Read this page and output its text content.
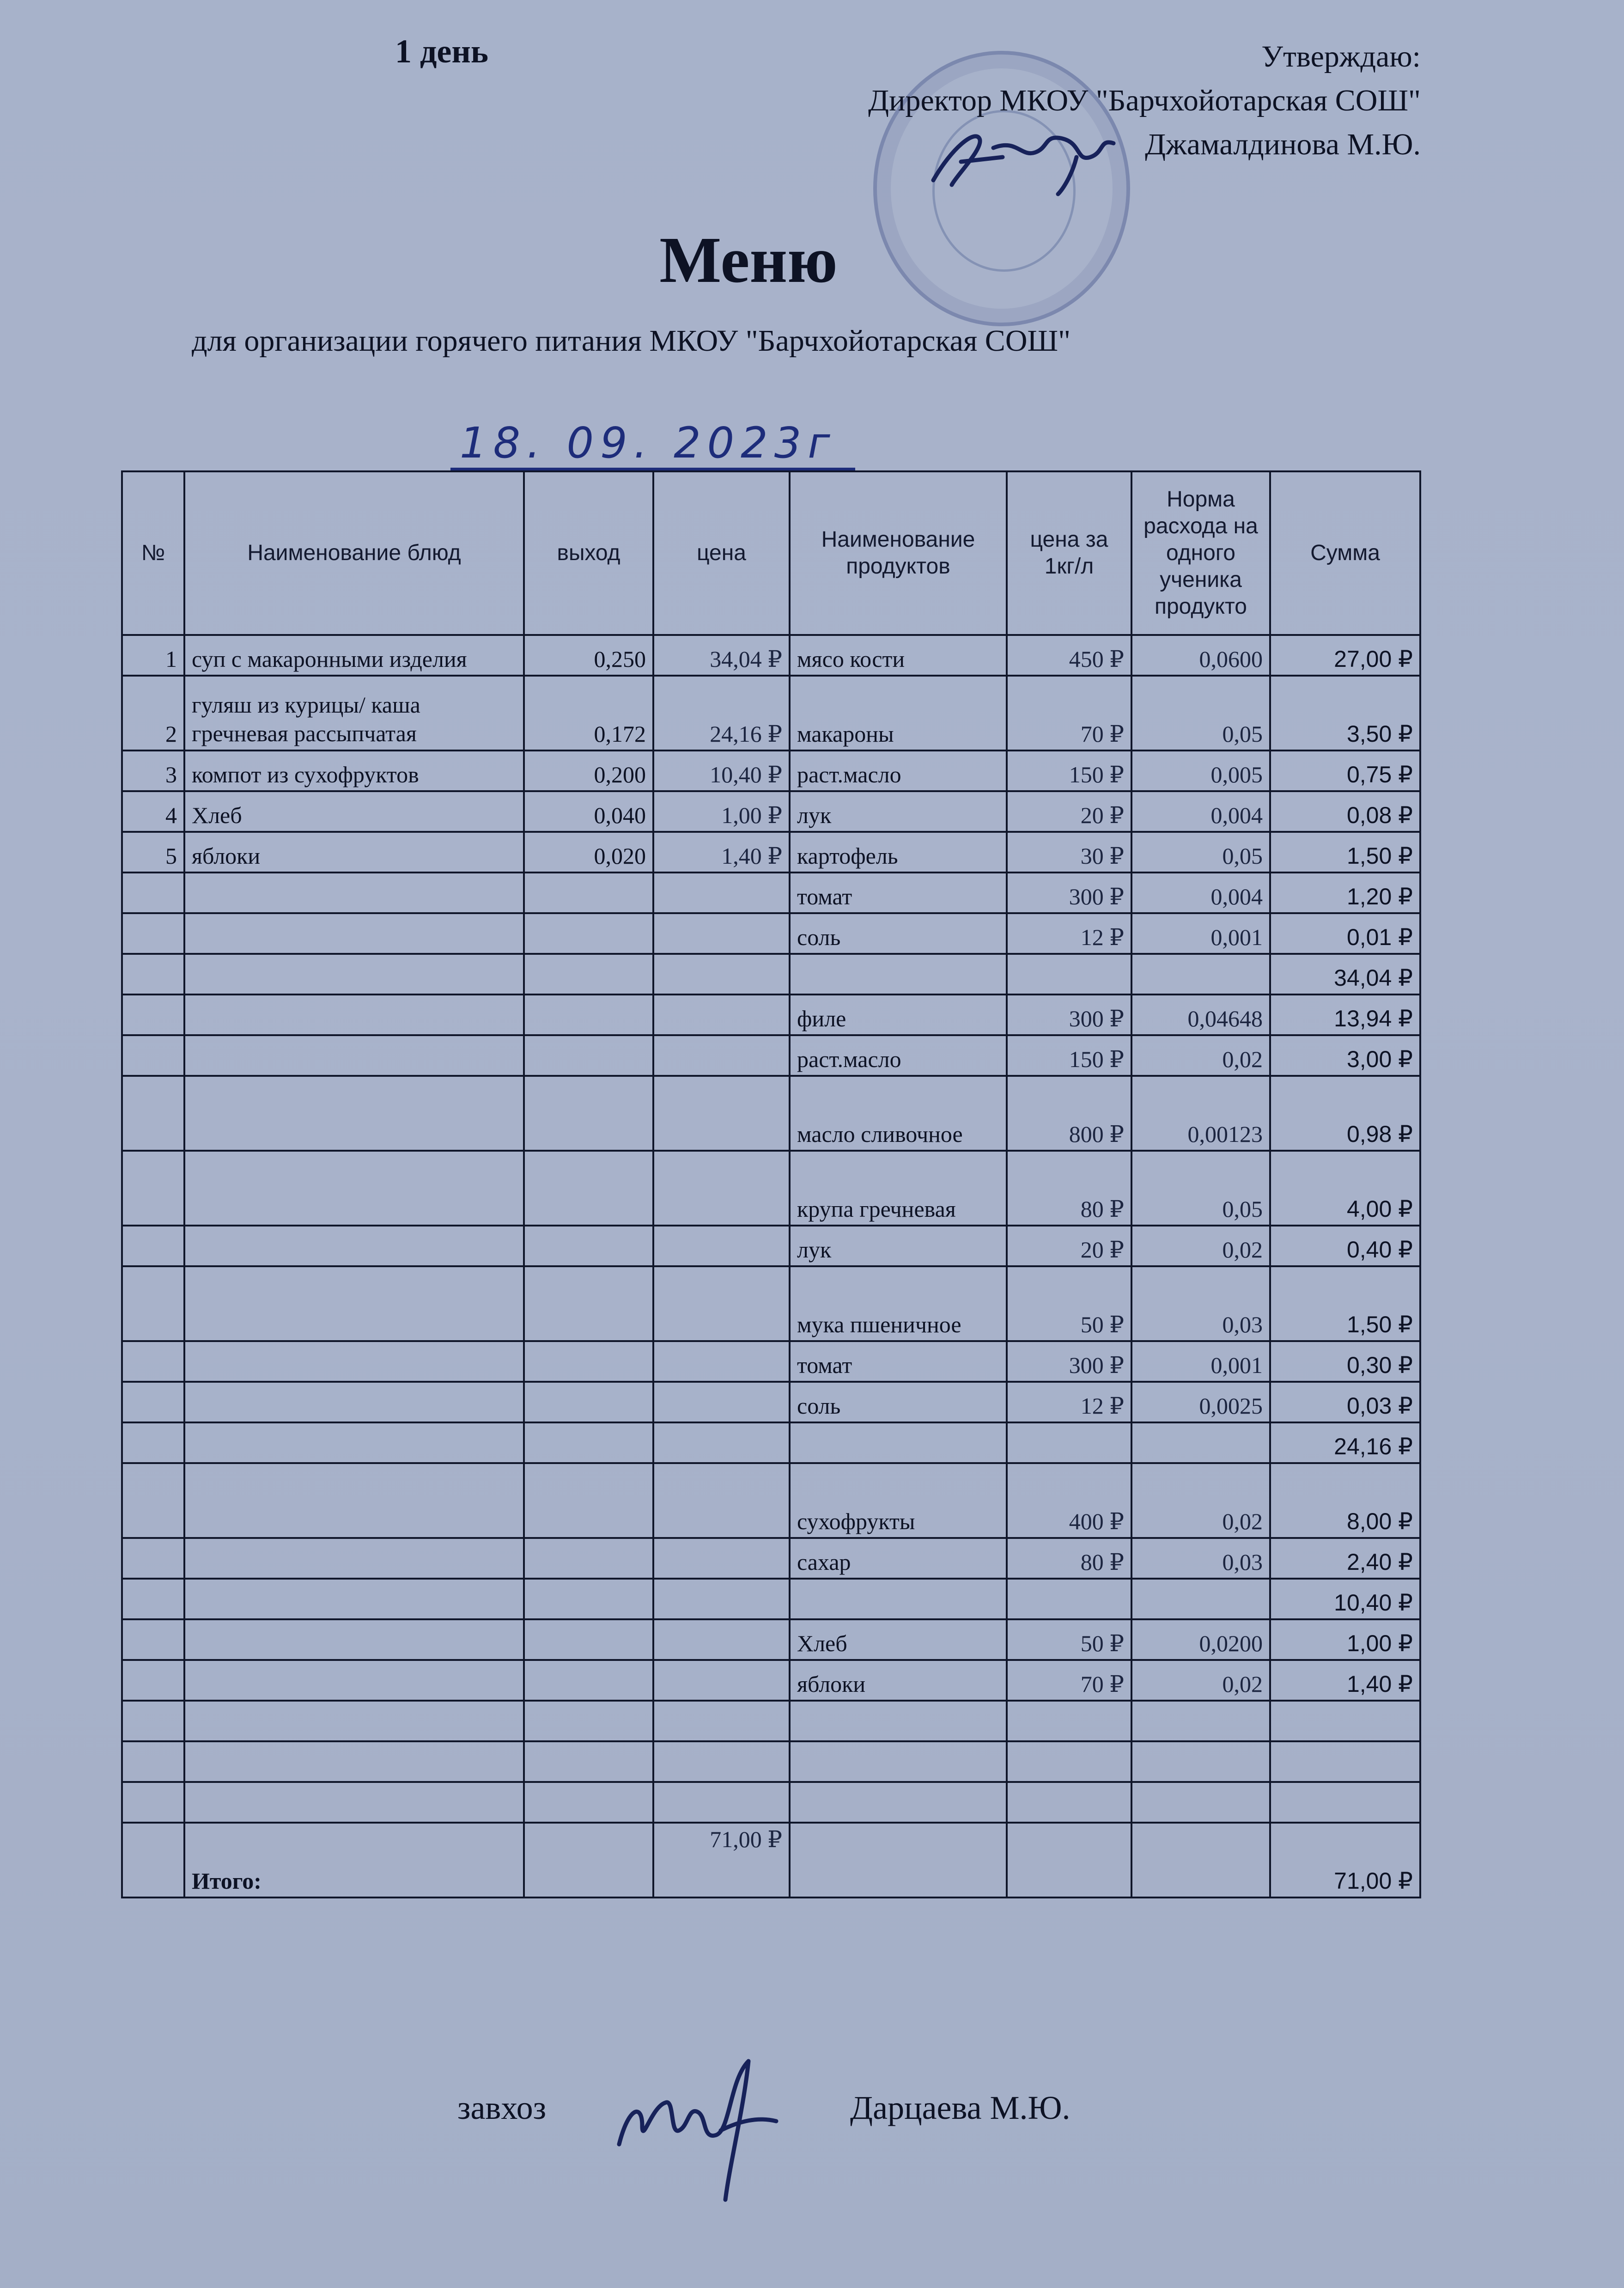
1 день	Утверждаю:
Директор МКОУ "Барчхойотарская СОШ"
Джамалдинова М.Ю.
Меню
для организации горячего питания МКОУ "Барчхойотарская СОШ"
18. 09. 2023г
№	Наименование блюд	выход	цена	Наименование продуктов	цена за 1кг/л	Норма расхода на одного ученика продукто	Сумма
1	суп с макаронными изделия	0,250	34,04 ₽	мясо кости	450 ₽	0,0600	27,00 ₽
2	гуляш из курицы/ каша гречневая рассыпчатая	0,172	24,16 ₽	макароны	70 ₽	0,05	3,50 ₽
3	компот из сухофруктов	0,200	10,40 ₽	раст.масло	150 ₽	0,005	0,75 ₽
4	Хлеб	0,040	1,00 ₽	лук	20 ₽	0,004	0,08 ₽
5	яблоки	0,020	1,40 ₽	картофель	30 ₽	0,05	1,50 ₽
				томат	300 ₽	0,004	1,20 ₽
				соль	12 ₽	0,001	0,01 ₽
							34,04 ₽
				филе	300 ₽	0,04648	13,94 ₽
				раст.масло	150 ₽	0,02	3,00 ₽
				масло сливочное	800 ₽	0,00123	0,98 ₽
				крупа гречневая	80 ₽	0,05	4,00 ₽
				лук	20 ₽	0,02	0,40 ₽
				мука пшеничное	50 ₽	0,03	1,50 ₽
				томат	300 ₽	0,001	0,30 ₽
				соль	12 ₽	0,0025	0,03 ₽
							24,16 ₽
				сухофрукты	400 ₽	0,02	8,00 ₽
				сахар	80 ₽	0,03	2,40 ₽
							10,40 ₽
				Хлеб	50 ₽	0,0200	1,00 ₽
				яблоки	70 ₽	0,02	1,40 ₽

	Итого:		71,00 ₽				71,00 ₽
завхоз	Дарцаева М.Ю.
